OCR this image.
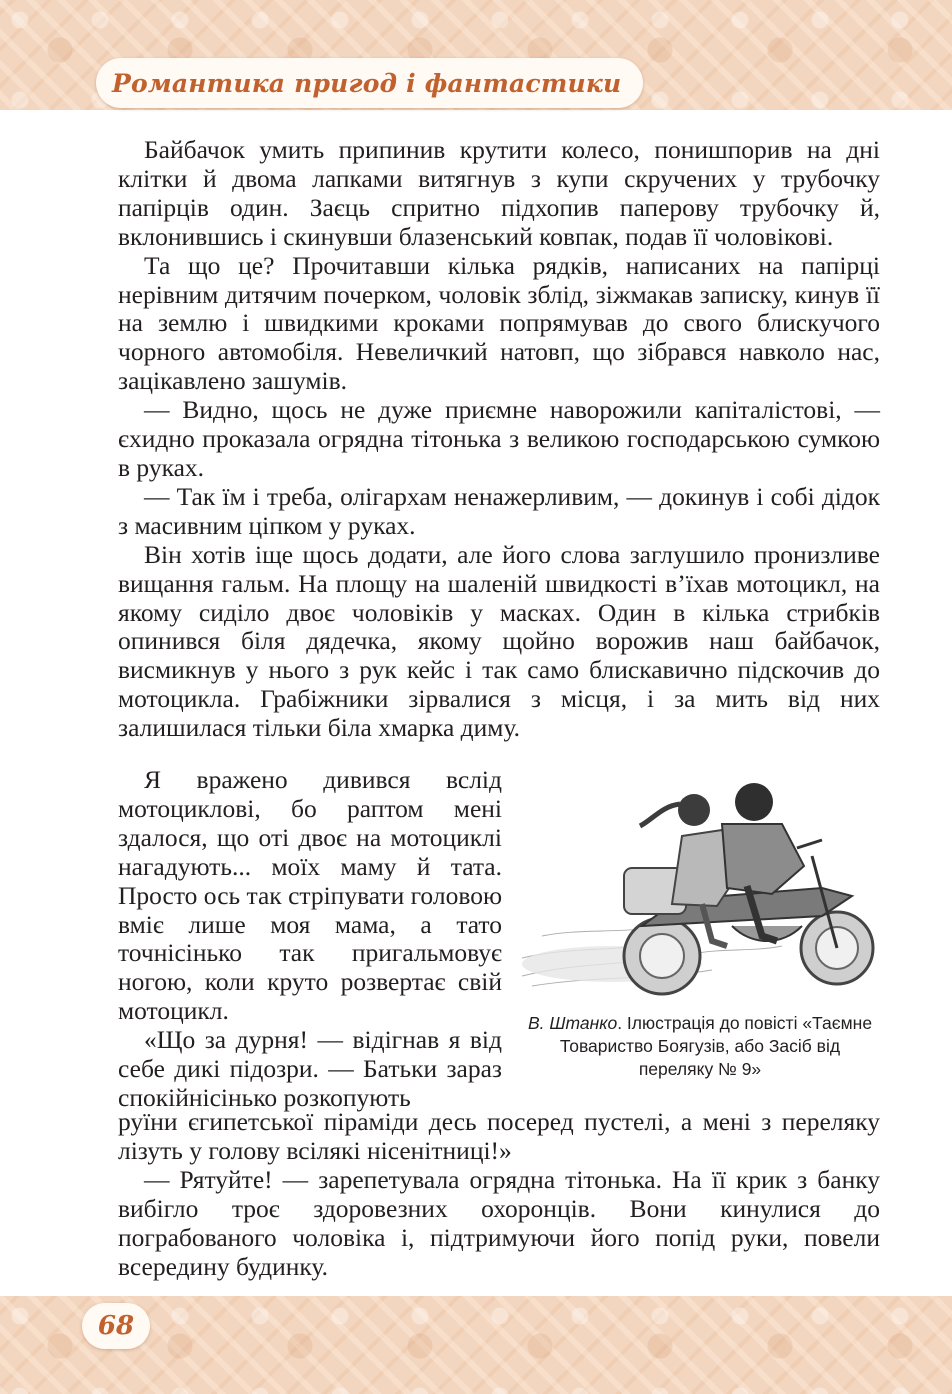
Романтика пригод і фантастики

Байбачок умить припинив крутити колесо, понишпорив на дні клітки й двома лапками витягнув з купи скручених у трубочку папірців один. Заєць спритно підхопив паперову трубочку й, вклонившись і скинувши блазенський ковпак, подав її чоловікові.

Та що це? Прочитавши кілька рядків, написаних на папірці нерівним дитячим почерком, чоловік зблід, зіжмакав записку, кинув її на землю і швидкими кроками попрямував до свого блискучого чорного автомобіля. Невеличкий натовп, що зібрався навколо нас, зацікавлено зашумів.

— Видно, щось не дуже приємне наворожили капіталістові, — єхидно проказала огрядна тітонька з великою господарською сумкою в руках.

— Так їм і треба, олігархам ненажерливим, — докинув і собі дідок з масивним ціпком у руках.

Він хотів іще щось додати, але його слова заглушило пронизливе вищання гальм. На площу на шаленій швидкості в’їхав мотоцикл, на якому сиділо двоє чоловіків у масках. Один в кілька стрибків опинився біля дядечка, якому щойно ворожив наш байбачок, висмикнув у нього з рук кейс і так само блискавично підскочив до мотоцикла. Грабіжники зірвалися з місця, і за мить від них залишилася тільки біла хмарка диму.

Я вражено дивився вслід мотоциклові, бо раптом мені здалося, що оті двоє на мотоциклі нагадують... моїх маму й тата. Просто ось так стріпувати головою вміє лише моя мама, а тато точнісінько так пригальмовує ногою, коли круто розвертає свій мотоцикл.

«Що за дурня! — відігнав я від себе дикі підозри. — Батьки зараз спокійнісінько розкопують

В. Штанко. Ілюстрація до повісті «Таємне Товариство Боягузів, або Засіб від переляку № 9»

руїни єгипетської піраміди десь посеред пустелі, а мені з переляку лізуть у голову всілякі нісенітниці!»

— Рятуйте! — зарепетувала огрядна тітонька. На її крик з банку вибігло троє здоровезних охоронців. Вони кинулися до пограбованого чоловіка і, підтримуючи його попід руки, повели всередину будинку.

68
